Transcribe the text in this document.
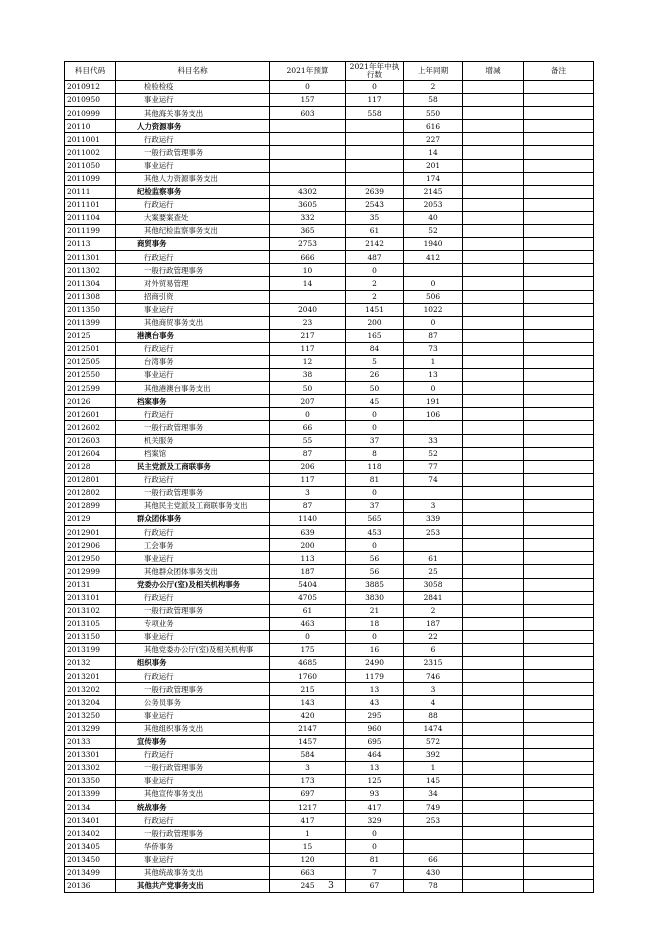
科目代码	科目名称	2021年预算	2021年年中执行数	上年同期	增减	备注
2010912	检验检疫	0	0	2		
2010950	事业运行	157	117	58		
2010999	其他海关事务支出	603	558	550		
20110	人力资源事务			616		
2011001	行政运行			227		
2011002	一般行政管理事务			14		
2011050	事业运行			201		
2011099	其他人力资源事务支出			174		
20111	纪检监察事务	4302	2639	2145		
2011101	行政运行	3605	2543	2053		
2011104	大案要案查处	332	35	40		
2011199	其他纪检监察事务支出	365	61	52		
20113	商贸事务	2753	2142	1940		
2011301	行政运行	666	487	412		
2011302	一般行政管理事务	10	0			
2011304	对外贸易管理	14	2	0		
2011308	招商引资		2	506		
2011350	事业运行	2040	1451	1022		
2011399	其他商贸事务支出	23	200	0		
20125	港澳台事务	217	165	87		
2012501	行政运行	117	84	73		
2012505	台湾事务	12	5	1		
2012550	事业运行	38	26	13		
2012599	其他港澳台事务支出	50	50	0		
20126	档案事务	207	45	191		
2012601	行政运行	0	0	106		
2012602	一般行政管理事务	66	0			
2012603	机关服务	55	37	33		
2012604	档案馆	87	8	52		
20128	民主党派及工商联事务	206	118	77		
2012801	行政运行	117	81	74		
2012802	一般行政管理事务	3	0			
2012899	其他民主党派及工商联事务支出	87	37	3		
20129	群众团体事务	1140	565	339		
2012901	行政运行	639	453	253		
2012906	工会事务	200	0			
2012950	事业运行	113	56	61		
2012999	其他群众团体事务支出	187	56	25		
20131	党委办公厅(室)及相关机构事务	5404	3885	3058		
2013101	行政运行	4705	3830	2841		
2013102	一般行政管理事务	61	21	2		
2013105	专项业务	463	18	187		
2013150	事业运行	0	0	22		
2013199	其他党委办公厅(室)及相关机构事	175	16	6		
20132	组织事务	4685	2490	2315		
2013201	行政运行	1760	1179	746		
2013202	一般行政管理事务	215	13	3		
2013204	公务员事务	143	43	4		
2013250	事业运行	420	295	88		
2013299	其他组织事务支出	2147	960	1474		
20133	宣传事务	1457	695	572		
2013301	行政运行	584	464	392		
2013302	一般行政管理事务	3	13	1		
2013350	事业运行	173	125	145		
2013399	其他宣传事务支出	697	93	34		
20134	统战事务	1217	417	749		
2013401	行政运行	417	329	253		
2013402	一般行政管理事务	1	0			
2013405	华侨事务	15	0			
2013450	事业运行	120	81	66		
2013499	其他统战事务支出	663	7	430		
20136	其他共产党事务支出	245	67	78		
3
